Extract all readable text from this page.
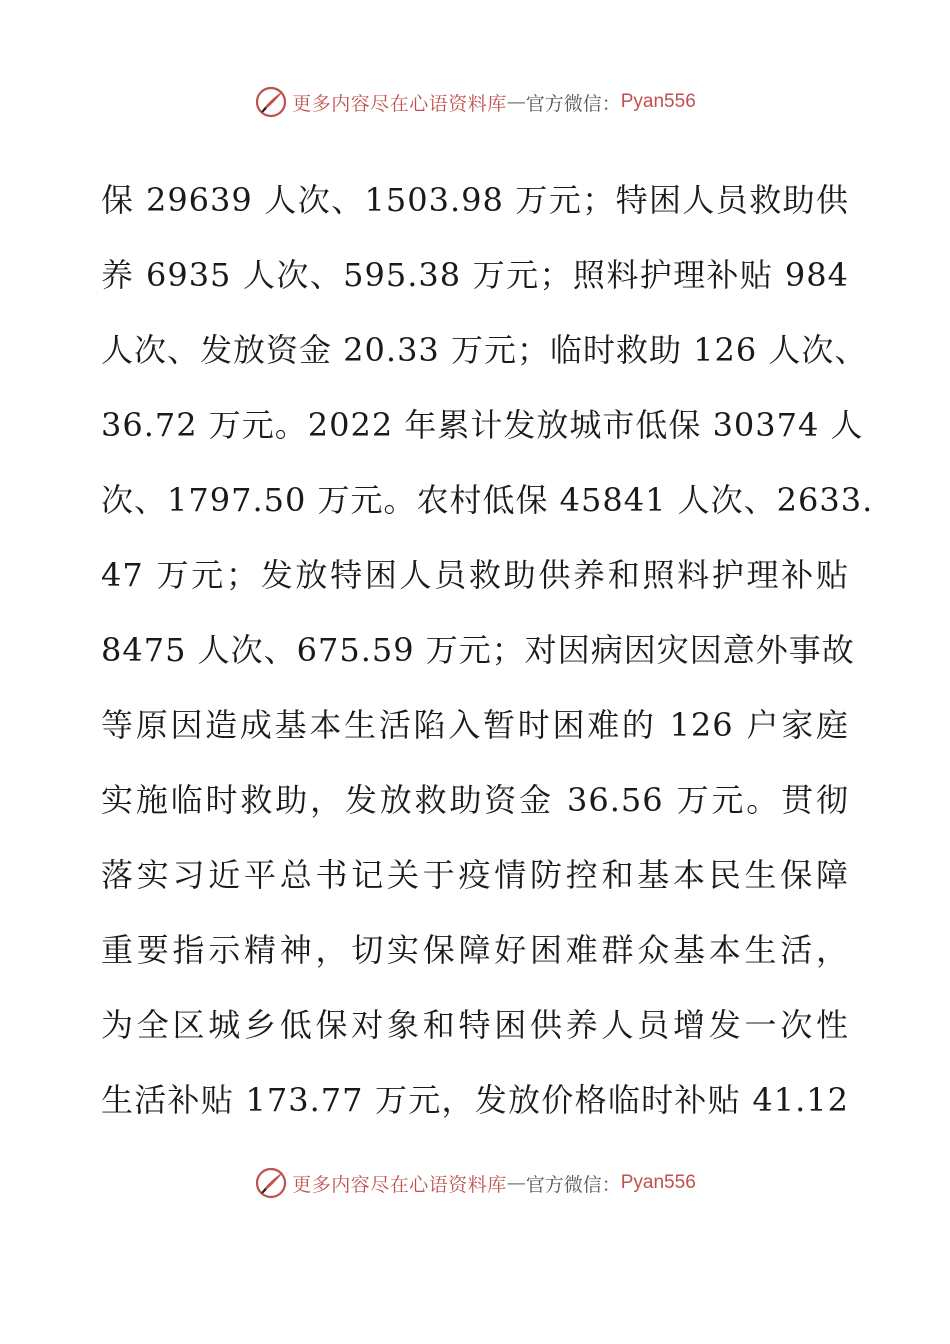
更多内容尽在心语资料库 — 官方微信： Pyan556
保 29639 人次、1503.98 万元；特困人员救助供
养 6935 人次、595.38 万元；照料护理补贴 984
人次、发放资金 20.33 万元；临时救助 126 人次、
36.72 万元。2022 年累计发放城市低保 30374 人
次、1797.50 万元。农村低保 45841 人次、2633.
47 万元；发放特困人员救助供养和照料护理补贴
8475 人次、675.59 万元；对因病因灾因意外事故
等原因造成基本生活陷入暂时困难的 126 户家庭
实施临时救助，发放救助资金 36.56 万元。贯彻
落实习近平总书记关于疫情防控和基本民生保障
重要指示精神，切实保障好困难群众基本生活，
为全区城乡低保对象和特困供养人员增发一次性
生活补贴 173.77 万元，发放价格临时补贴 41.12
更多内容尽在心语资料库 — 官方微信： Pyan556
